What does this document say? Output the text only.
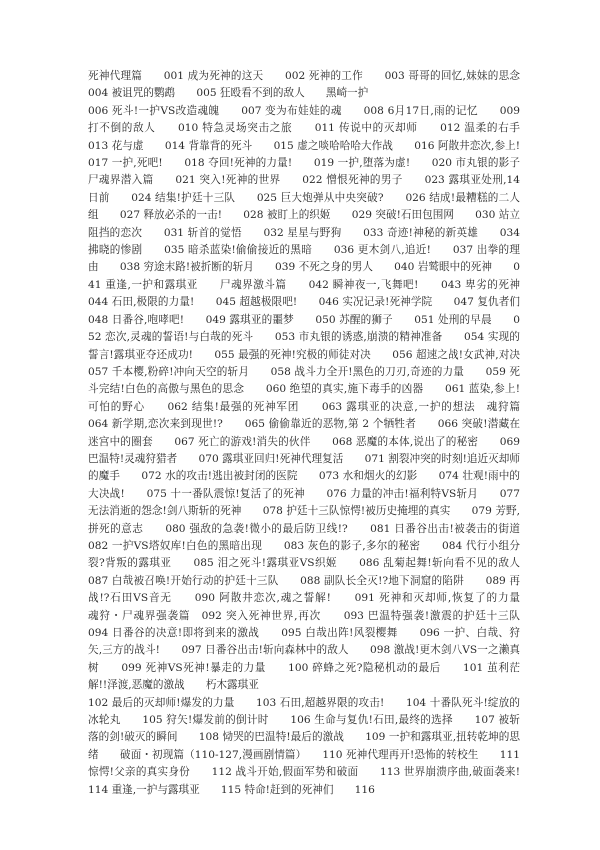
死神代理篇　　001 成为死神的这天　　002 死神的工作　　003 哥哥的回忆,妹妹的思念　　004 被诅咒的鹦鹉　　005 狂殴看不到的敌人　　黑崎一护

006 死斗!一护VS改造魂魄　　007 变为布娃娃的魂　　008 6月17日,雨的记忆　　009 打不倒的敌人　　010 特急灵场突击之旅　　011 传说中的灭却师　　012 温柔的右手　　013 花与虚　　014 背靠背的死斗　　015 虚之啖哈哈哈大作战　　016 阿散井恋次,参上!　　017 一护,死吧!　　018 夺回!死神的力量!　　019 一护,堕落为虚!　　020 市丸银的影子　　尸魂界潜入篇　　021 突入!死神的世界　　022 憎恨死神的男子　　023 露琪亚处刑,14 日前　　024 结集!护廷十三队　　025 巨大炮弹从中央突破?　　026 结成!最糟糕的二人组　　027 释放必杀的一击!　　028 被盯上的织姬　　029 突破!石田包围网　　030 站立阻挡的恋次　　031 斩首的觉悟　　032 星星与野狗　　033 奇迹!神秘的新英雄　　034 拂晓的惨剧　　035 暗杀蓝染!偷偷接近的黑暗　　036 更木剑八,追近!　　037 出拳的理由　　038 穷途末路!被折断的斩月　　039 不死之身的男人　　040 岩鹫眼中的死神　　041 重逢,一护和露琪亚　　尸魂界激斗篇　　042 瞬神夜一,飞舞吧!　　043 卑劣的死神　　044 石田,极限的力量!　　045 超越极限吧!　　046 实况记录!死神学院　　047 复仇者们　　048 日番谷,咆哮吧!　　049 露琪亚的噩梦　　050 苏醒的狮子　　051 处刑的早晨　　052 恋次,灵魂的誓语!与白哉的死斗　　053 市丸银的诱惑,崩溃的精神准备　　054 实现的誓言!露琪亚夺还成功!　　055 最强的死神!究极的师徒对决　　056 超速之战!女武神,对决　　057 千本樱,粉碎!冲向天空的斩月　　058 战斗力全开!黑色的刀刃,奇迹的力量　　059 死斗完结!白色的高傲与黑色的思念　　060 绝望的真实,施下毒手的凶器　　061 蓝染,参上!可怕的野心　　062 结集!最强的死神军团　　063 露琪亚的决意,一护的想法　魂狩篇　　064 新学期,恋次来到现世!?　　065 偷偷靠近的恶物,第 2 个牺牲者　　066 突破!潜藏在迷宫中的圈套　　067 死亡的游戏!消失的伙伴　　068 恶魔的本体,说出了的秘密　　069 巴温特!灵魂狩猎者　　070 露琪亚回归!死神代理复活　　071 割裂冲突的时刻!追近灭却师的魔手　　072 水的攻击!逃出被封闭的医院　　073 水和烟火的幻影　　074 壮观!雨中的大决战!　　075 十一番队震惊!复活了的死神　　076 力量的冲击!福利特VS斩月　　077 无法消逝的怨念!剑八斯斩的死神　　078 护廷十三队惊愕!被历史掩埋的真实　　079 芳野,拼死的意志　　080 强敌的急袭!微小的最后防卫线!?　　081 日番谷出击!被袭击的街道　　082 一护VS塔奴库!白色的黑暗出现　　083 灰色的影子,多尔的秘密　　084 代行小组分裂?背叛的露琪亚　　085 泪之死斗!露琪亚VS织姬　　086 乱菊起舞!斩向看不见的敌人　　087 白哉被召唤!开始行动的护廷十三队　　088 副队长全灭!?地下洞窟的陷阱　　089 再战!?石田VS音无　　090 阿散井恋次,魂之誓解!　　091 死神和灭却师,恢复了的力量　　魂狩・尸魂界强袭篇　092 突入死神世界,再次　　093 巴温特强袭!激震的护廷十三队　　094 日番谷的决意!即将到来的激战　　095 白哉出阵!风裂樱舞　　096 一护、白哉、狩矢,三方的战斗!　　097 日番谷出击!斩向森林中的敌人　　098 激战!更木剑八VS一之濑真树　　099 死神VS死神!暴走的力量　　100 碎蜂之死?隐秘机动的最后　　101 茧利茫解!!泽渡,恶魔的激战　　朽木露琪亚

102 最后的灭却师!爆发的力量　　103 石田,超越界限的攻击!　　104 十番队死斗!绽放的冰轮丸　　105 狩矢!爆发前的倒计时　　106 生命与复仇!石田,最终的选择　　107 被斩落的剑!破灭的瞬间　　108 恸哭的巴温特!最后的激战　　109 一护和露琪亚,扭转乾坤的思绪　　破面・初现篇（110-127,漫画剧情篇）　　110 死神代理再开!恐怖的转校生　　111 惊愕!父亲的真实身份　　112 战斗开始,假面军势和破面　　113 世界崩溃序曲,破面袭来!　　114 重逢,一护与露琪亚　　115 特命!赶到的死神们　　116
